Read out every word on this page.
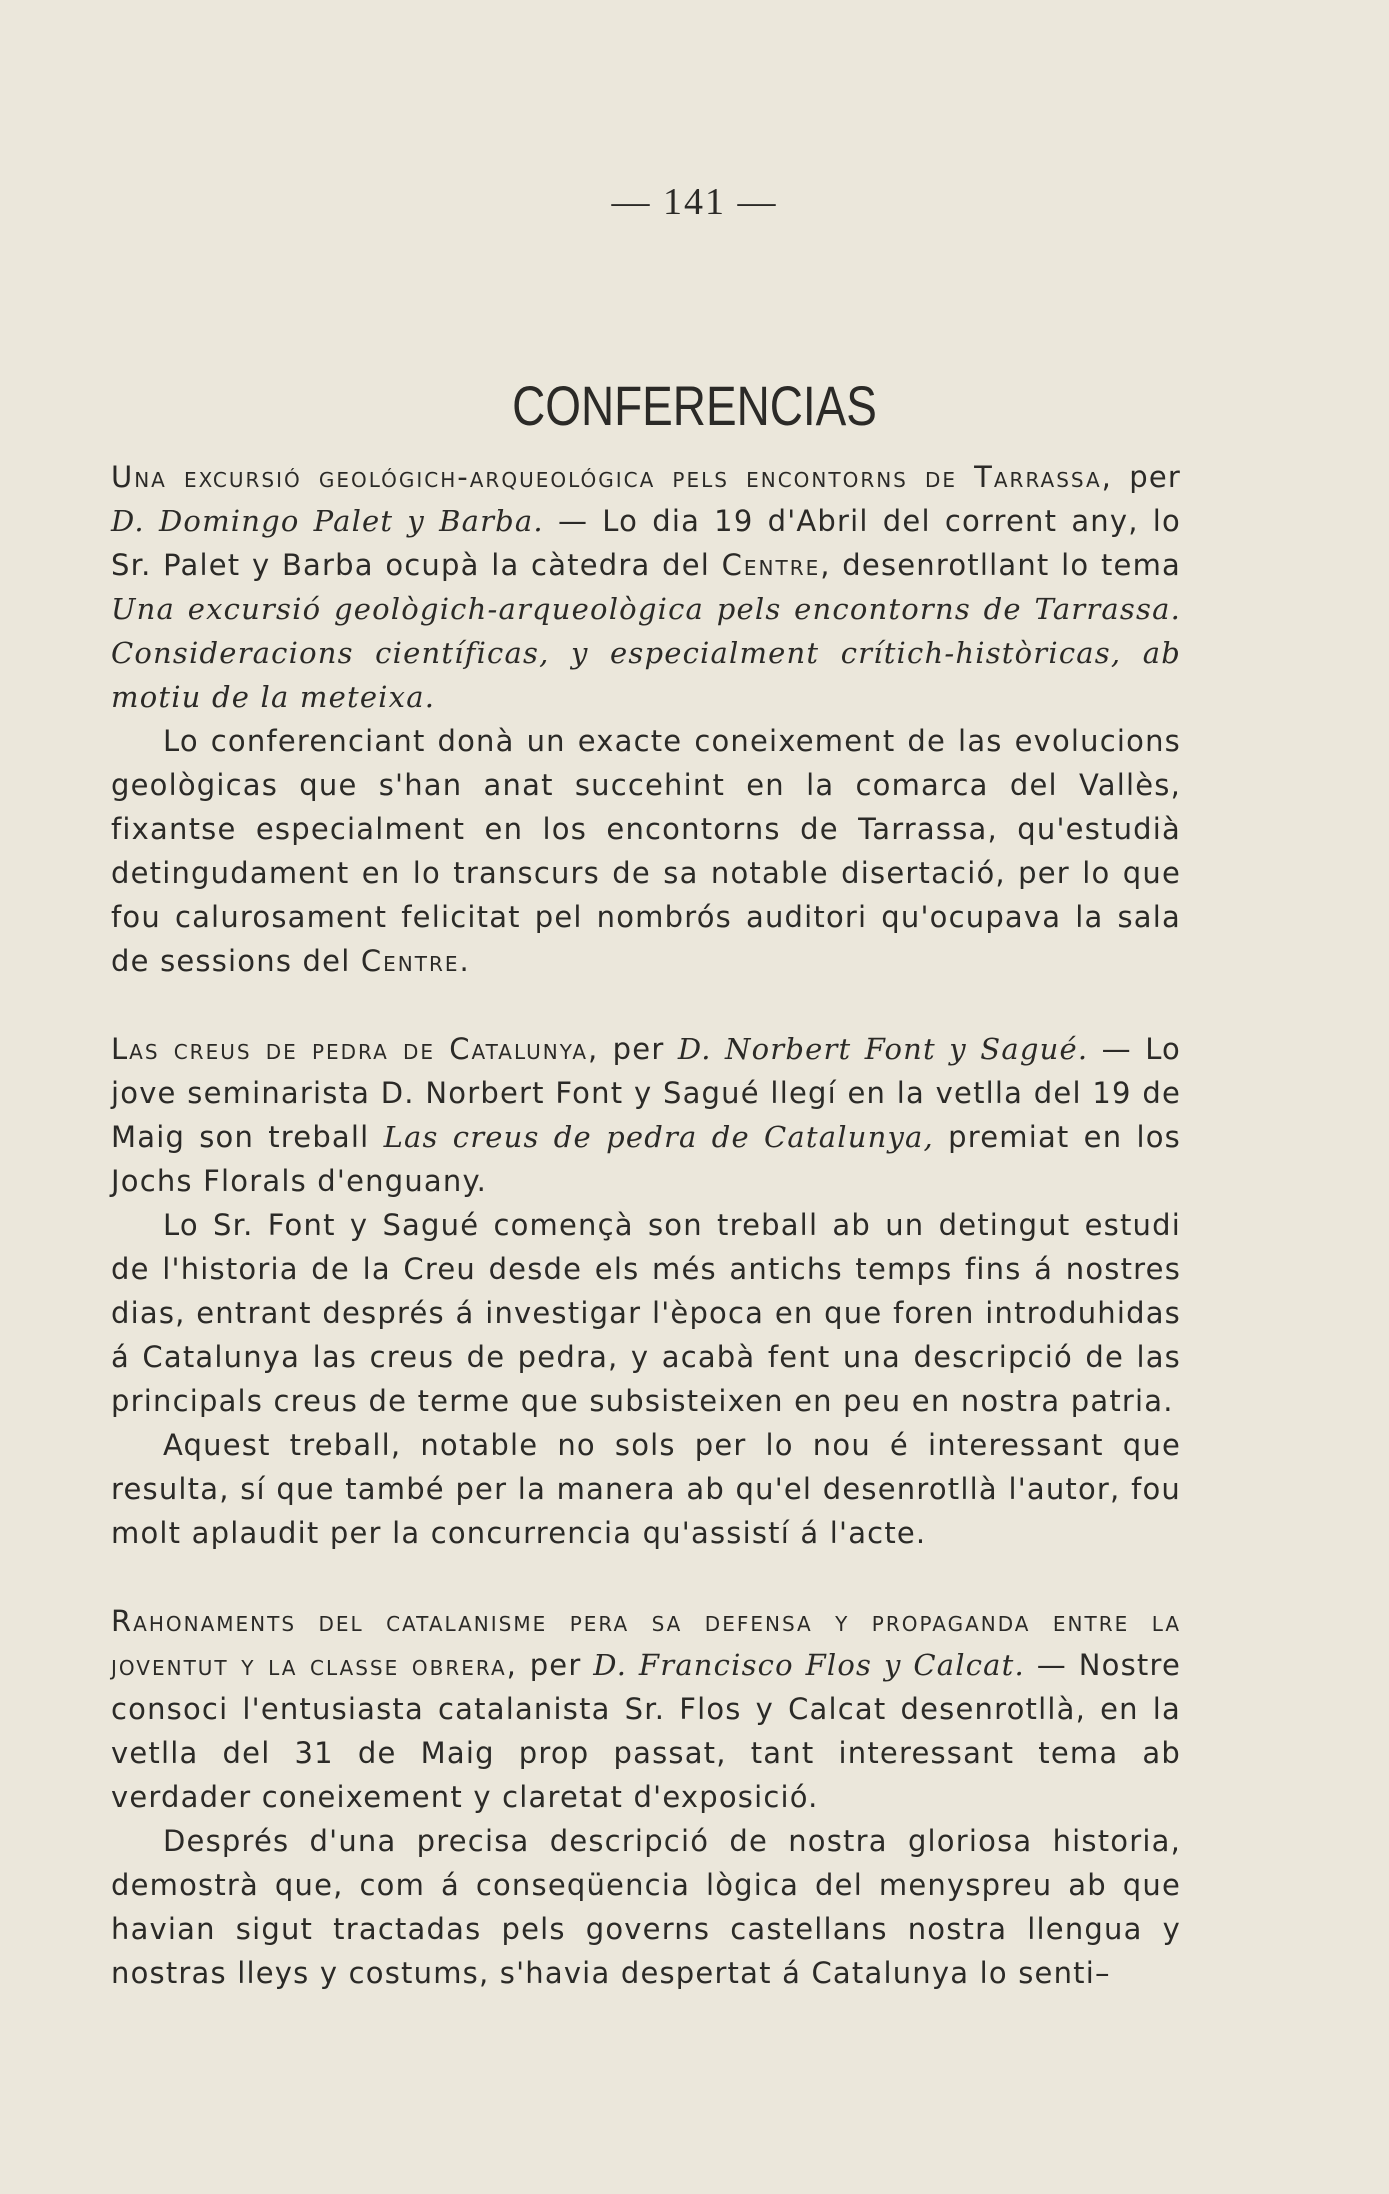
— 141 —
CONFERENCIAS

Una excursió geológich-arqueológica pels encontorns de Tarrassa, per D. Domingo Palet y Barba. — Lo dia 19 d'Abril del corrent any, lo Sr. Palet y Barba ocupà la càtedra del Centre, desenrotllant lo tema Una excursió geològich-arqueològica pels encontorns de Tarrassa. Consideracions científicas, y especialment crítich-històricas, ab motiu de la meteixa.

Lo conferenciant donà un exacte coneixement de las evolucions geològicas que s'han anat succehint en la comarca del Vallès, fixantse especialment en los encontorns de Tarrassa, qu'estudià detingudament en lo transcurs de sa notable disertació, per lo que fou calurosament felicitat pel nombrós auditori qu'ocupava la sala de sessions del Centre.

Las creus de pedra de Catalunya, per D. Norbert Font y Sagué. — Lo jove seminarista D. Norbert Font y Sagué llegí en la vetlla del 19 de Maig son treball Las creus de pedra de Catalunya, premiat en los Jochs Florals d'enguany.

Lo Sr. Font y Sagué començà son treball ab un detingut estudi de l'historia de la Creu desde els més antichs temps fins á nostres dias, entrant després á investigar l'època en que foren introduhidas á Catalunya las creus de pedra, y acabà fent una descripció de las principals creus de terme que subsisteixen en peu en nostra patria.

Aquest treball, notable no sols per lo nou é interessant que resulta, sí que també per la manera ab qu'el desenrotllà l'autor, fou molt aplaudit per la concurrencia qu'assistí á l'acte.

Rahonaments del catalanisme pera sa defensa y propaganda entre la joventut y la classe obrera, per D. Francisco Flos y Calcat. — Nostre consoci l'entusiasta catalanista Sr. Flos y Calcat desenrotllà, en la vetlla del 31 de Maig prop passat, tant interessant tema ab verdader coneixement y claretat d'exposició.

Després d'una precisa descripció de nostra gloriosa historia, demostrà que, com á conseqüencia lògica del menyspreu ab que havian sigut tractadas pels governs castellans nostra llengua y nostras lleys y costums, s'havia despertat á Catalunya lo senti–
